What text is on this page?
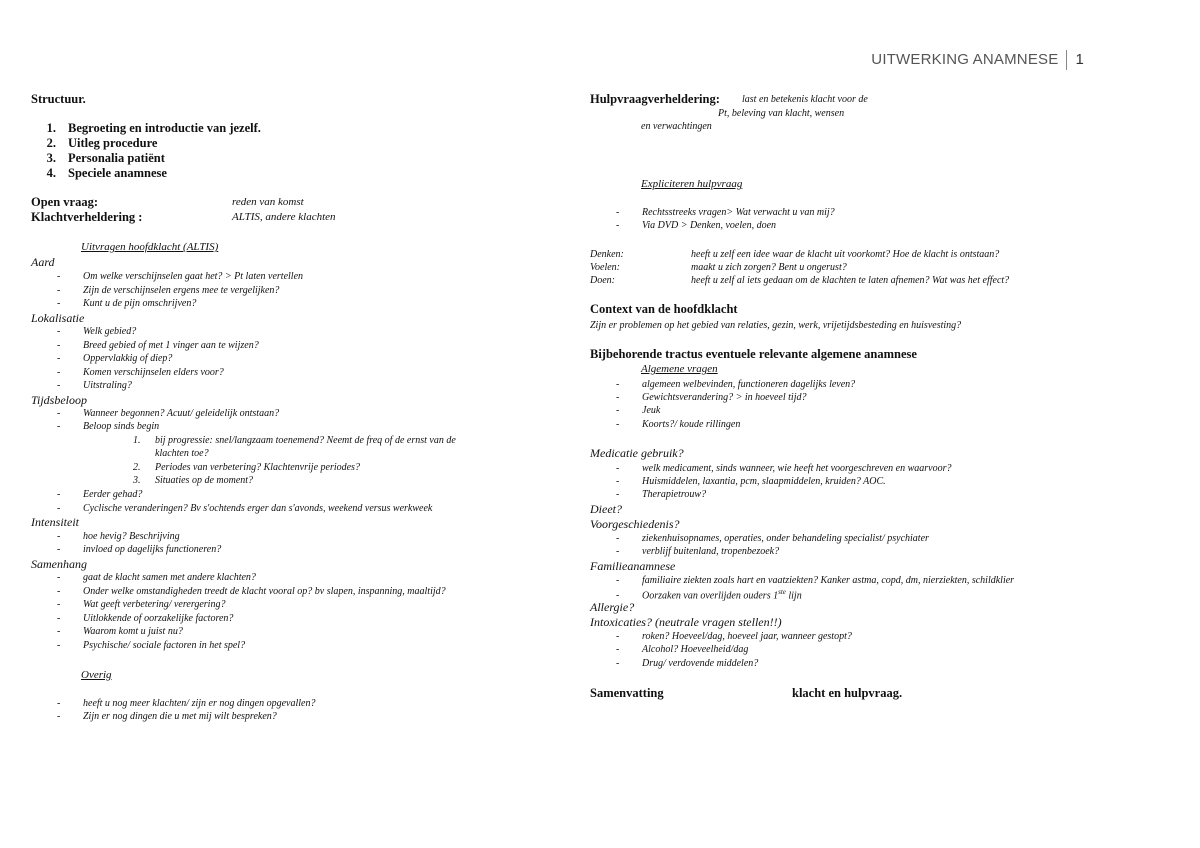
UITWERKING ANAMNESE 1
Structuur.
1. Begroeting en introductie van jezelf.
2. Uitleg procedure
3. Personalia patiënt
4. Speciele anamnese
Open vraag:	reden van komst
Klachtverheldering :	ALTIS, andere klachten
Uitvragen hoofdklacht (ALTIS)
Aard
- Om welke verschijnselen gaat het? > Pt laten vertellen
- Zijn de verschijnselen ergens mee te vergelijken?
- Kunt u de pijn omschrijven?
Lokalisatie
- Welk gebied?
- Breed gebied of met 1 vinger aan te wijzen?
- Oppervlakkig of diep?
- Komen verschijnselen elders voor?
- Uitstraling?
Tijdsbeloop
- Wanneer begonnen? Acuut/ geleidelijk ontstaan?
- Beloop sinds begin
1. bij progressie: snel/langzaam toenemend? Neemt de freq of de ernst van de
klachten toe?
2. Periodes van verbetering? Klachtenvrije periodes?
3. Situaties op de moment?
- Eerder gehad?
- Cyclische veranderingen? Bv s'ochtends erger dan s'avonds, weekend versus werkweek
Intensiteit
- hoe hevig? Beschrijving
- invloed op dagelijks functioneren?
Samenhang
- gaat de klacht samen met andere klachten?
- Onder welke omstandigheden treedt de klacht vooral op? bv slapen, inspanning, maaltijd?
- Wat geeft verbetering/ verergering?
- Uitlokkende of oorzakelijke factoren?
- Waarom komt u juist nu?
- Psychische/ sociale factoren in het spel?
Overig
- heeft u nog meer klachten/ zijn er nog dingen opgevallen?
- Zijn er nog dingen die u met mij wilt bespreken?
Hulpvraagverheldering: last en betekenis klacht voor de
Pt, beleving van klacht, wensen
en verwachtingen
Expliciteren hulpvraag
- Rechtsstreeks vragen> Wat verwacht u van mij?
- Via DVD > Denken, voelen, doen
Denken:	heeft u zelf een idee waar de klacht uit voorkomt? Hoe de klacht is ontstaan?
Voelen:	maakt u zich zorgen? Bent u ongerust?
Doen:	heeft u zelf al iets gedaan om de klachten te laten afnemen? Wat was het effect?
Context van de hoofdklacht
Zijn er problemen op het gebied van relaties, gezin, werk, vrijetijdsbesteding en huisvesting?
Bijbehorende tractus eventuele relevante algemene anamnese
Algemene vragen
- algemeen welbevinden, functioneren dagelijks leven?
- Gewichtsverandering? > in hoeveel tijd?
- Jeuk
- Koorts?/ koude rillingen
Medicatie gebruik?
- welk medicament, sinds wanneer, wie heeft het voorgeschreven en waarvoor?
- Huismiddelen, laxantia, pcm, slaapmiddelen, kruiden? AOC.
- Therapietrouw?
Dieet?
Voorgeschiedenis?
- ziekenhuisopnames, operaties, onder behandeling specialist/ psychiater
- verblijf buitenland, tropenbezoek?
Familieanamnese
- familiaire ziekten zoals hart en vaatziekten? Kanker astma, copd, dm, nierziekten, schildklier
- Oorzaken van overlijden ouders 1ste lijn
Allergie?
Intoxicaties? (neutrale vragen stellen!!)
- roken? Hoeveel/dag, hoeveel jaar, wanneer gestopt?
- Alcohol? Hoeveelheid/dag
- Drug/ verdovende middelen?
Samenvatting	klacht en hulpvraag.
